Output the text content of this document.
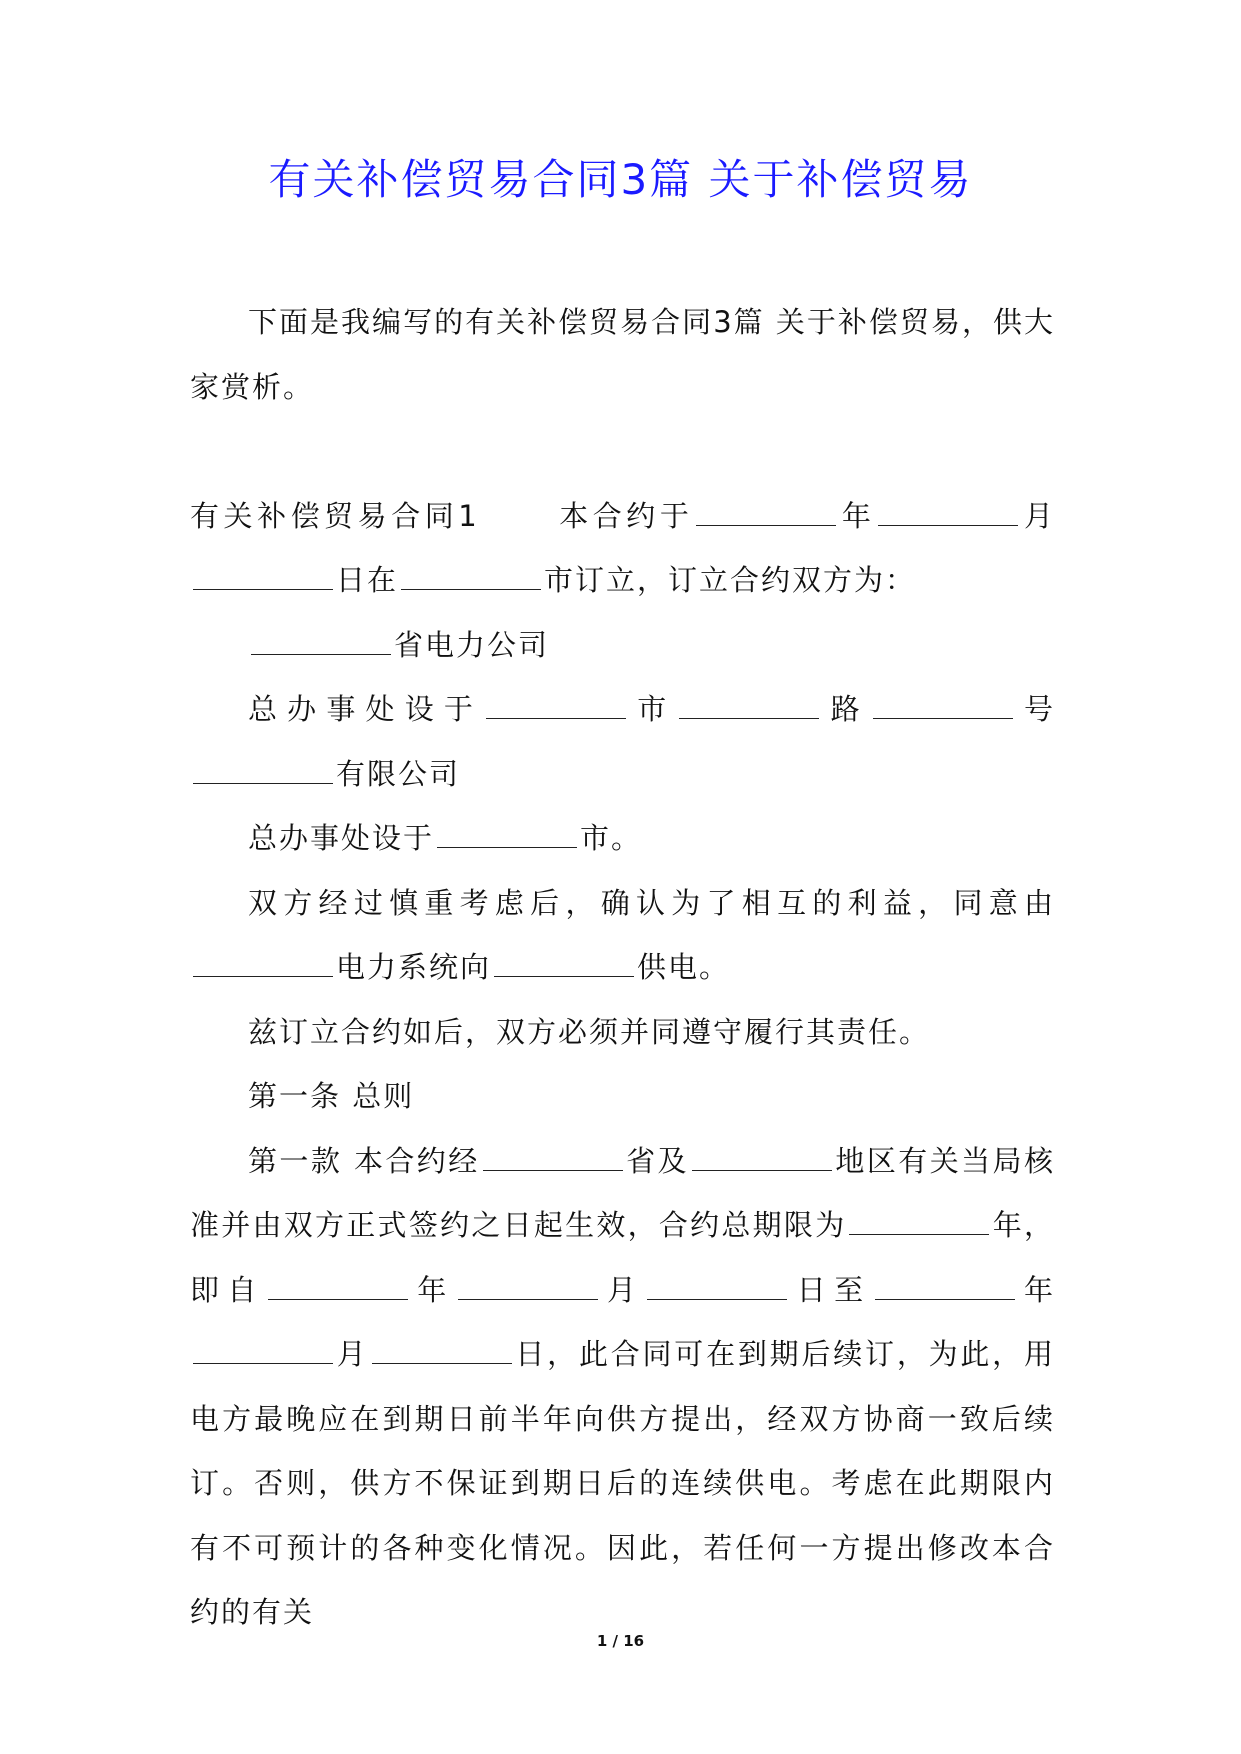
有关补偿贸易合同3篇 关于补偿贸易

下面是我编写的有关补偿贸易合同3篇 关于补偿贸易，供大家赏析。

有关补偿贸易合同1	本合约于	年	月日在	市订立，订立合约双方为：

省电力公司

总办事处设于	市	路	号有限公司

总办事处设于	市。

双方经过慎重考虑后，确认为了相互的利益，同意由电力系统向	供电。

兹订立合约如后，双方必须并同遵守履行其责任。

第一条 总则

第一款 本合约经	省及	地区有关当局核准并由双方正式签约之日起生效，合约总期限为	年，即自	年	月	日至	年月	日，此合同可在到期后续订，为此，用电方最晚应在到期日前半年向供方提出，经双方协商一致后续订。否则，供方不保证到期日后的连续供电。考虑在此期限内有不可预计的各种变化情况。因此，若任何一方提出修改本合约的有关

1 / 16
